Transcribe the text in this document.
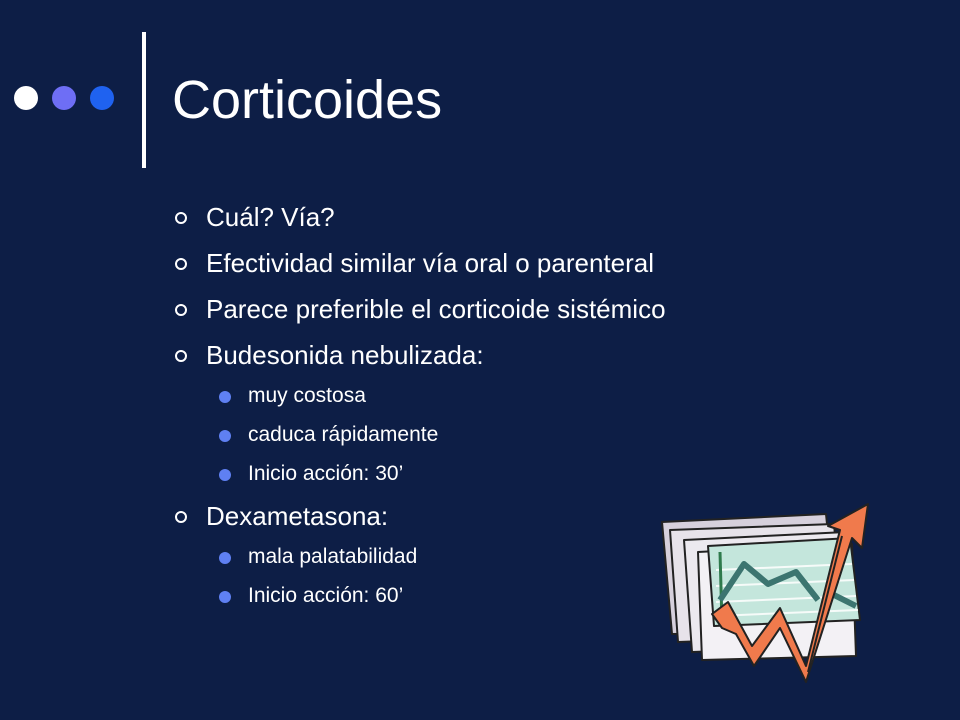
Corticoides
Cuál? Vía?
Efectividad similar vía oral o parenteral
Parece preferible el corticoide sistémico
Budesonida nebulizada:
muy costosa
caduca rápidamente
Inicio acción: 30’
Dexametasona:
mala palatabilidad
Inicio acción: 60’
